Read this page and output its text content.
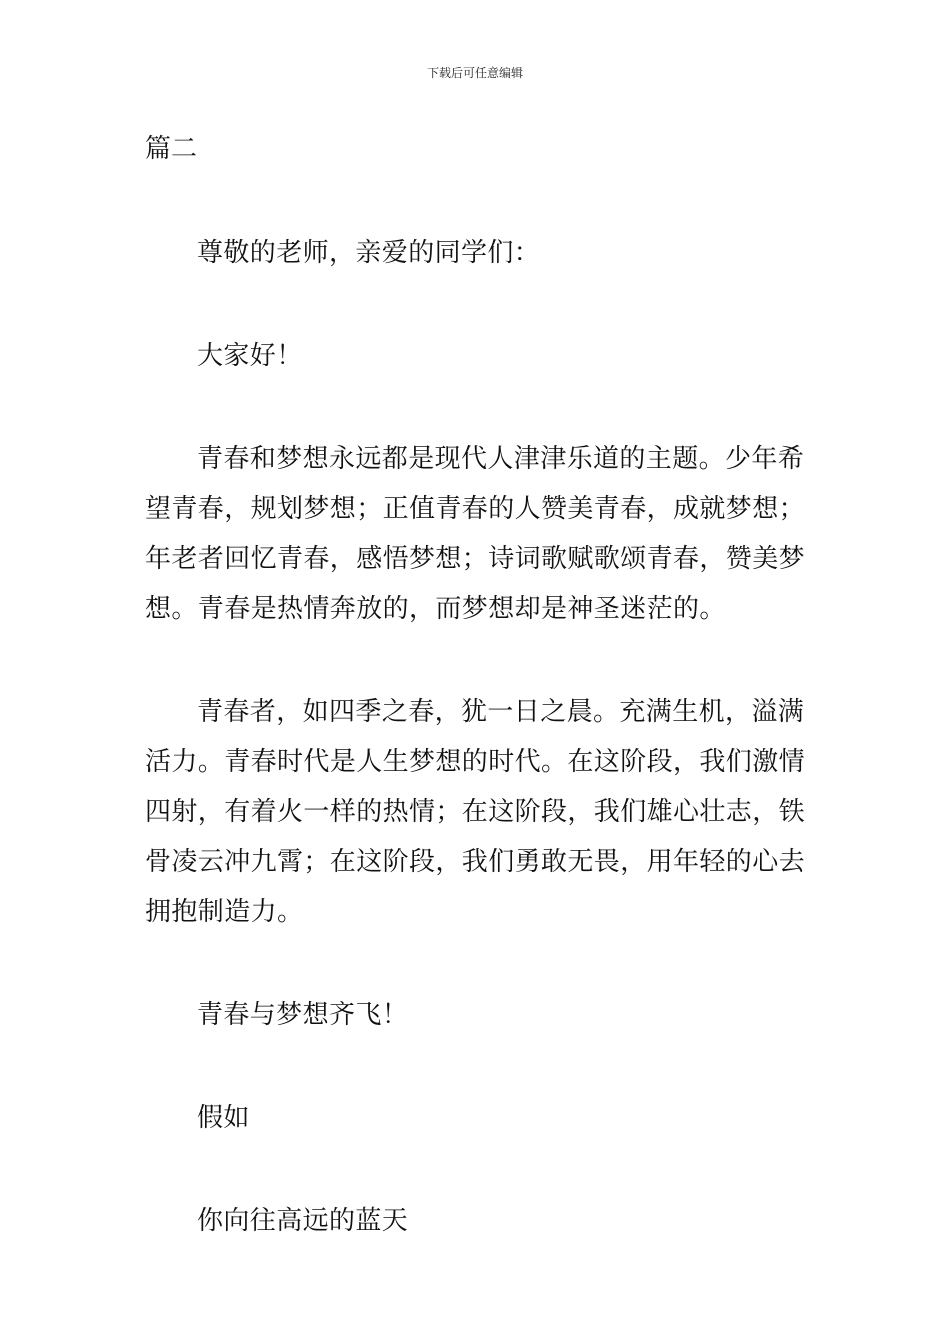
下载后可任意编辑
篇二

尊敬的老师，亲爱的同学们：

大家好！

青春和梦想永远都是现代人津津乐道的主题。少年希望青春，规划梦想；正值青春的人赞美青春，成就梦想；年老者回忆青春，感悟梦想；诗词歌赋歌颂青春，赞美梦想。青春是热情奔放的，而梦想却是神圣迷茫的。

青春者，如四季之春，犹一日之晨。充满生机，溢满活力。青春时代是人生梦想的时代。在这阶段，我们激情四射，有着火一样的热情；在这阶段，我们雄心壮志，铁骨凌云冲九霄；在这阶段，我们勇敢无畏，用年轻的心去拥抱制造力。

青春与梦想齐飞！

假如

你向往高远的蓝天
